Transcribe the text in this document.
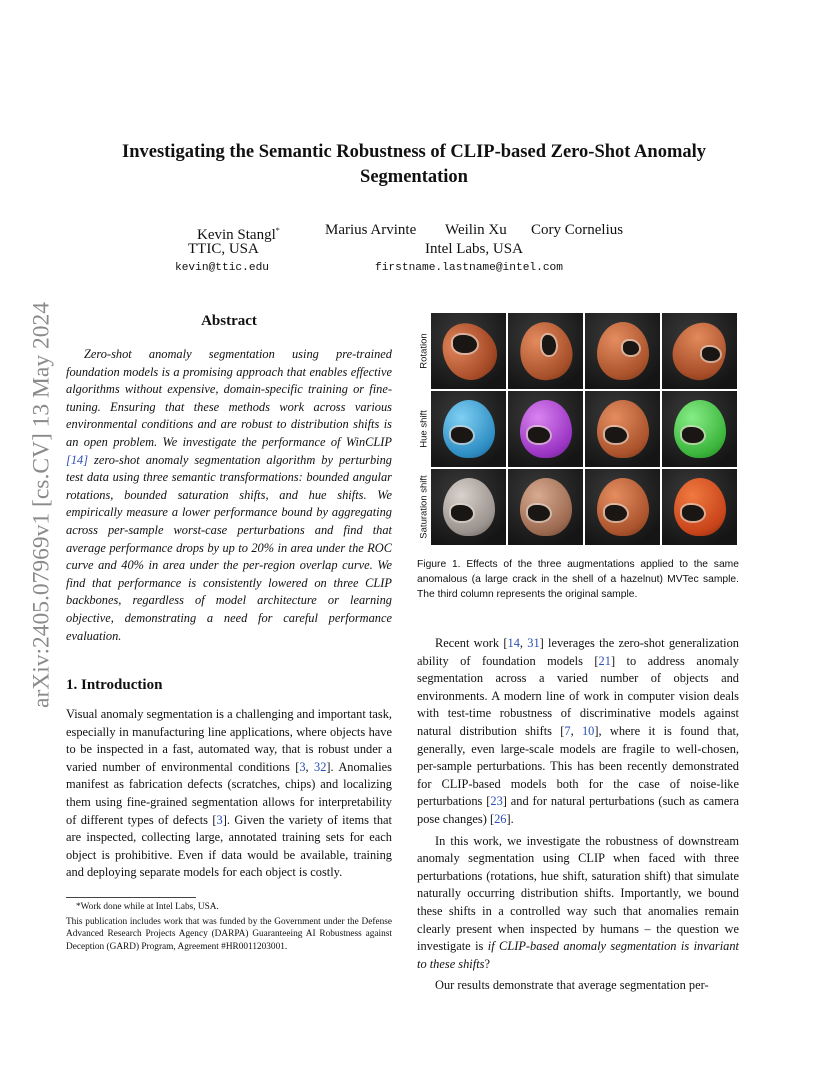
arXiv:2405.07969v1 [cs.CV] 13 May 2024
Investigating the Semantic Robustness of CLIP-based Zero-Shot Anomaly
Segmentation
Kevin Stangl*	Marius Arvinte Weilin Xu Cory Cornelius
TTIC, USA	Intel Labs, USA
kevin@ttic.edu	firstname.lastname@intel.com
Abstract

Zero-shot anomaly segmentation using pre-trained foundation models is a promising approach that enables effective algorithms without expensive, domain-specific training or fine-tuning. Ensuring that these methods work across various environmental conditions and are robust to distribution shifts is an open problem. We investigate the performance of WinCLIP [14] zero-shot anomaly segmentation algorithm by perturbing test data using three semantic transformations: bounded angular rotations, bounded saturation shifts, and hue shifts. We empirically measure a lower performance bound by aggregating across per-sample worst-case perturbations and find that average performance drops by up to 20% in area under the ROC curve and 40% in area under the per-region overlap curve. We find that performance is consistently lowered on three CLIP backbones, regardless of model architecture or learning objective, demonstrating a need for careful performance evaluation.

1. Introduction

Visual anomaly segmentation is a challenging and important task, especially in manufacturing line applications, where objects have to be inspected in a fast, automated way, that is robust under a varied number of environmental conditions [3, 32]. Anomalies manifest as fabrication defects (scratches, chips) and localizing them using fine-grained segmentation allows for interpretability of different types of defects [3]. Given the variety of items that are inspected, collecting large, annotated training sets for each object is prohibitive. Even if data would be available, training and deploying separate models for each object is costly.

*Work done while at Intel Labs, USA.

This publication includes work that was funded by the Government under the Defense Advanced Research Projects Agency (DARPA) Guaranteeing AI Robustness against Deception (GARD) Program, Agreement #HR0011203001.

Rotation
Hue shift
Saturation shift

Figure 1. Effects of the three augmentations applied to the same anomalous (a large crack in the shell of a hazelnut) MVTec sample. The third column represents the original sample.

Recent work [14, 31] leverages the zero-shot generalization ability of foundation models [21] to address anomaly segmentation across a varied number of objects and environments. A modern line of work in computer vision deals with test-time robustness of discriminative models against natural distribution shifts [7, 10], where it is found that, generally, even large-scale models are fragile to well-chosen, per-sample perturbations. This has been recently demonstrated for CLIP-based models both for the case of noise-like perturbations [23] and for natural perturbations (such as camera pose changes) [26].

In this work, we investigate the robustness of downstream anomaly segmentation using CLIP when faced with three perturbations (rotations, hue shift, saturation shift) that simulate naturally occurring distribution shifts. Importantly, we bound these shifts in a controlled way such that anomalies remain clearly present when inspected by humans – the question we investigate is if CLIP-based anomaly segmentation is invariant to these shifts?

Our results demonstrate that average segmentation per-
